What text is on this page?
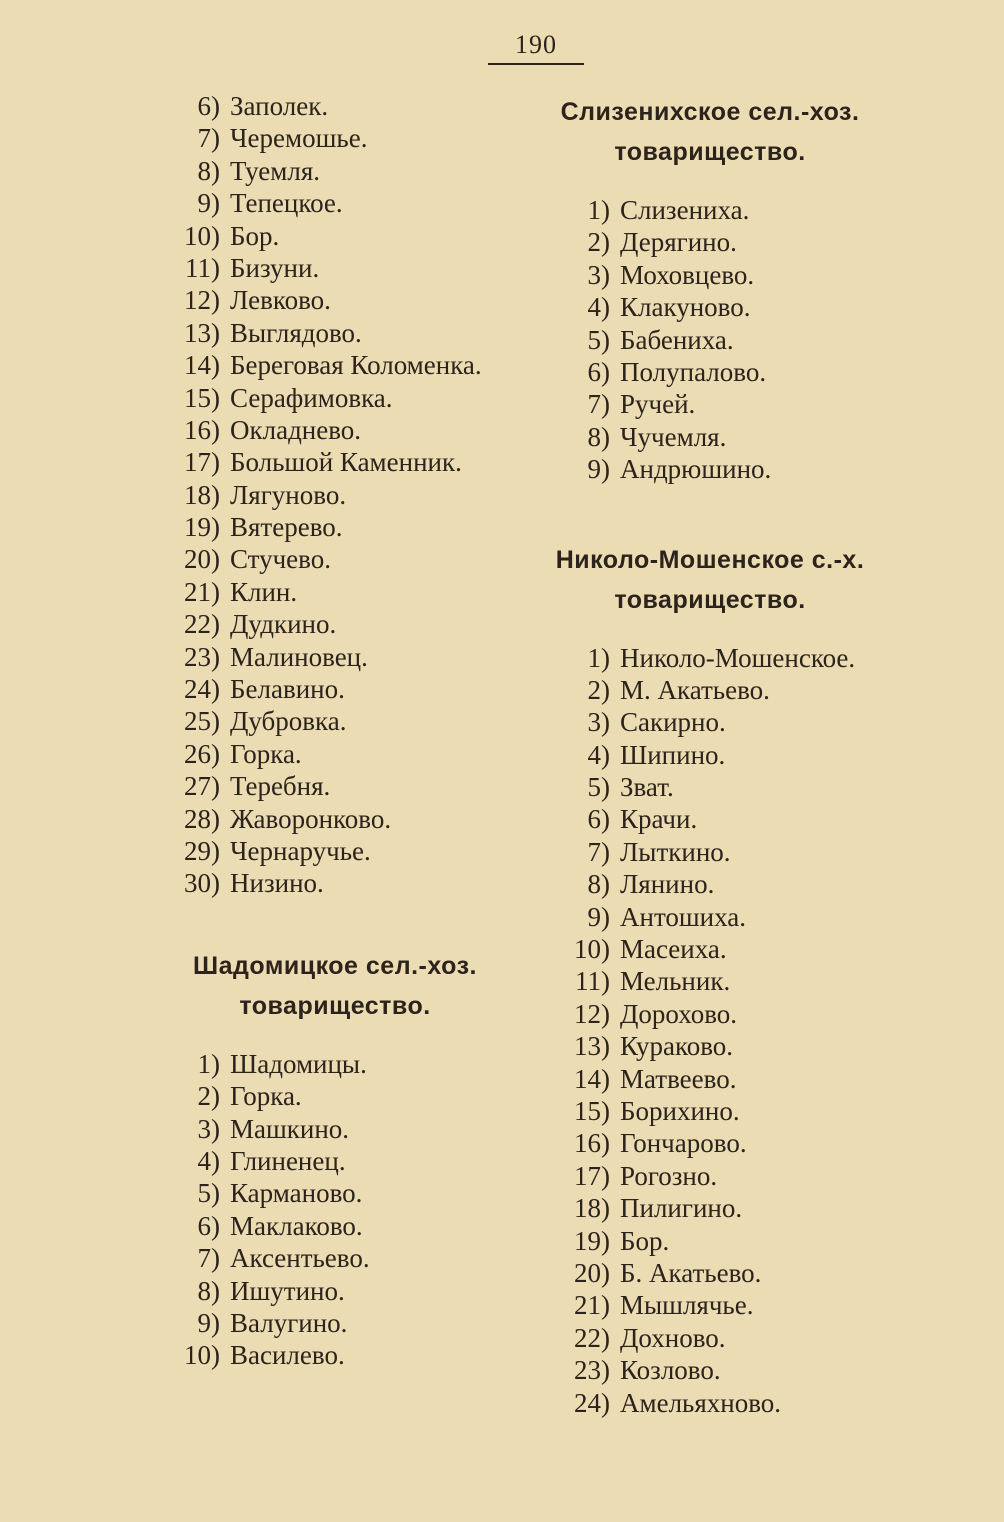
190
6) Заполек.
7) Черемошье.
8) Туемля.
9) Тепецкое.
10) Бор.
11) Бизуни.
12) Левково.
13) Выглядово.
14) Береговая Коломенка.
15) Серафимовка.
16) Окладнево.
17) Большой Каменник.
18) Лягуново.
19) Вятерево.
20) Стучево.
21) Клин.
22) Дудкино.
23) Малиновец.
24) Белавино.
25) Дубровка.
26) Горка.
27) Теребня.
28) Жаворонково.
29) Чернаручье.
30) Низино.
Шадомицкое сел.-хоз.
товарищество.
1) Шадомицы.
2) Горка.
3) Машкино.
4) Глиненец.
5) Карманово.
6) Маклаково.
7) Аксентьево.
8) Ишутино.
9) Валугино.
10) Василево.
Слизенихское сел.-хоз.
товарищество.
1) Слизениха.
2) Дерягино.
3) Моховцево.
4) Клакуново.
5) Бабениха.
6) Полупалово.
7) Ручей.
8) Чучемля.
9) Андрюшино.
Николо-Мошенское с.-х.
товарищество.
1) Николо-Мошенское.
2) М. Акатьево.
3) Сакирно.
4) Шипино.
5) Зват.
6) Крачи.
7) Лыткино.
8) Лянино.
9) Антошиха.
10) Масеиха.
11) Мельник.
12) Дорохово.
13) Кураково.
14) Матвеево.
15) Борихино.
16) Гончарово.
17) Рогозно.
18) Пилигино.
19) Бор.
20) Б. Акатьево.
21) Мышлячье.
22) Дохново.
23) Козлово.
24) Амельяхново.
